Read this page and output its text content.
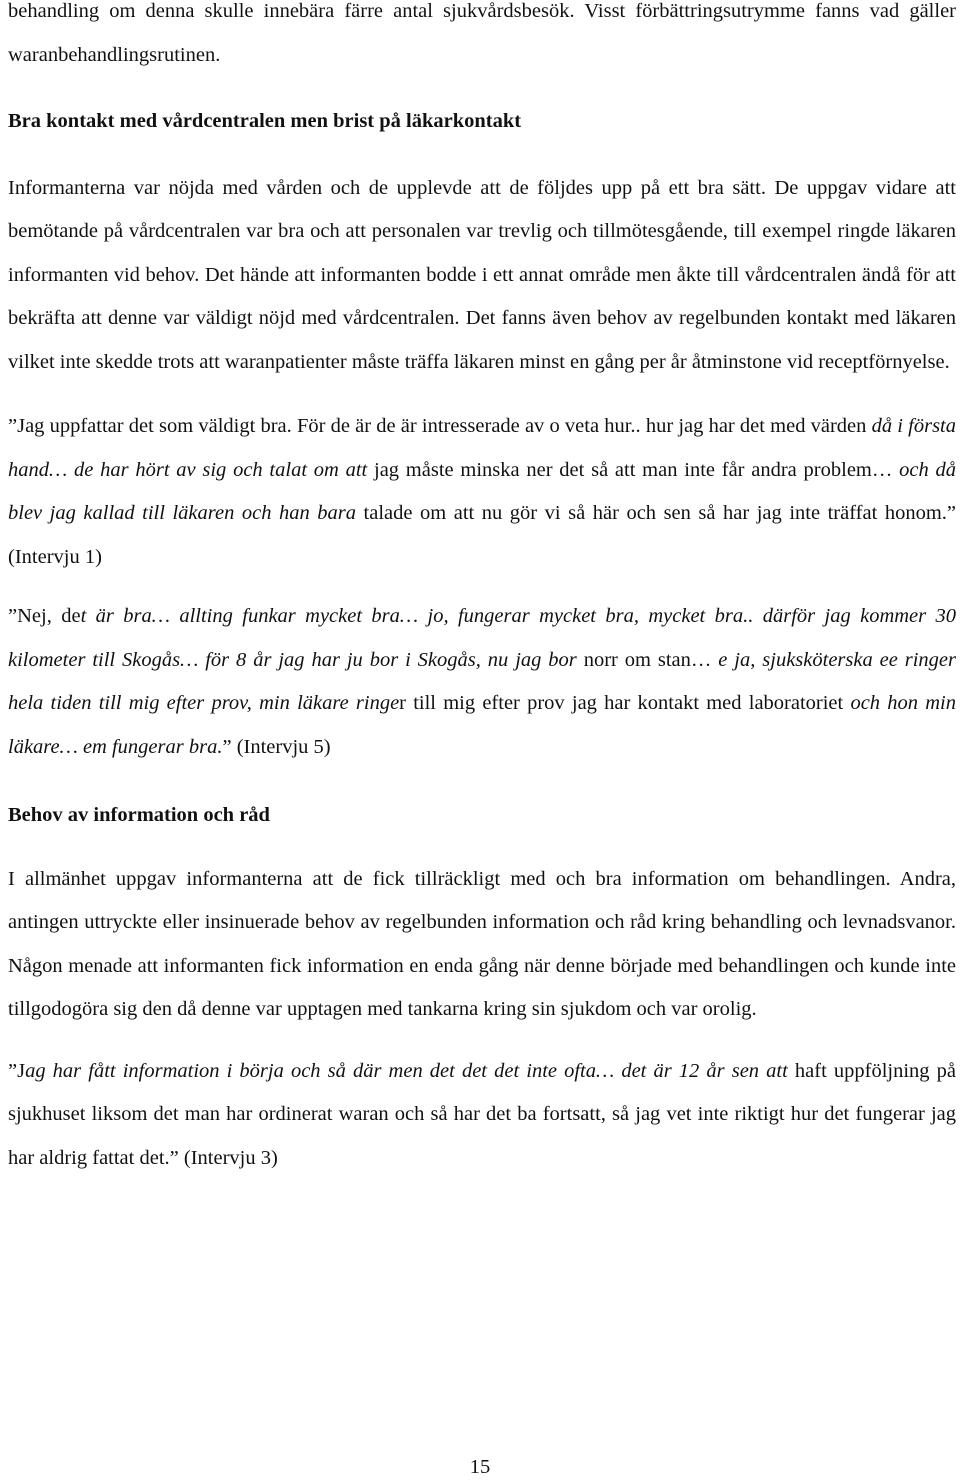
behandling om denna skulle innebära färre antal sjukvårdsbesök. Visst förbättringsutrymme fanns vad gäller waranbehandlingsrutinen.

Bra kontakt med vårdcentralen men brist på läkarkontakt

Informanterna var nöjda med vården och de upplevde att de följdes upp på ett bra sätt. De uppgav vidare att bemötande på vårdcentralen var bra och att personalen var trevlig och tillmötesgående, till exempel ringde läkaren informanten vid behov. Det hände att informanten bodde i ett annat område men åkte till vårdcentralen ändå för att bekräfta att denne var väldigt nöjd med vårdcentralen. Det fanns även behov av regelbunden kontakt med läkaren vilket inte skedde trots att waranpatienter måste träffa läkaren minst en gång per år åtminstone vid receptförnyelse.

”Jag uppfattar det som väldigt bra. För de är de är intresserade av o veta hur.. hur jag har det med värden då i första hand… de har hört av sig och talat om att jag måste minska ner det så att man inte får andra problem… och då blev jag kallad till läkaren och han bara talade om att nu gör vi så här och sen så har jag inte träffat honom.” (Intervju 1)

”Nej, det är bra… allting funkar mycket bra… jo, fungerar mycket bra, mycket bra.. därför jag kommer 30 kilometer till Skogås… för 8 år jag har ju bor i Skogås, nu jag bor norr om stan… e ja, sjuksköterska ee ringer hela tiden till mig efter prov, min läkare ringer till mig efter prov jag har kontakt med laboratoriet och hon min läkare… em fungerar bra.” (Intervju 5)

Behov av information och råd

I allmänhet uppgav informanterna att de fick tillräckligt med och bra information om behandlingen. Andra, antingen uttryckte eller insinuerade behov av regelbunden information och råd kring behandling och levnadsvanor. Någon menade att informanten fick information en enda gång när denne började med behandlingen och kunde inte tillgodogöra sig den då denne var upptagen med tankarna kring sin sjukdom och var orolig.

”Jag har fått information i börja och så där men det det det inte ofta… det är 12 år sen att haft uppföljning på sjukhuset liksom det man har ordinerat waran och så har det ba fortsatt, så jag vet inte riktigt hur det fungerar jag har aldrig fattat det.” (Intervju 3)

15
